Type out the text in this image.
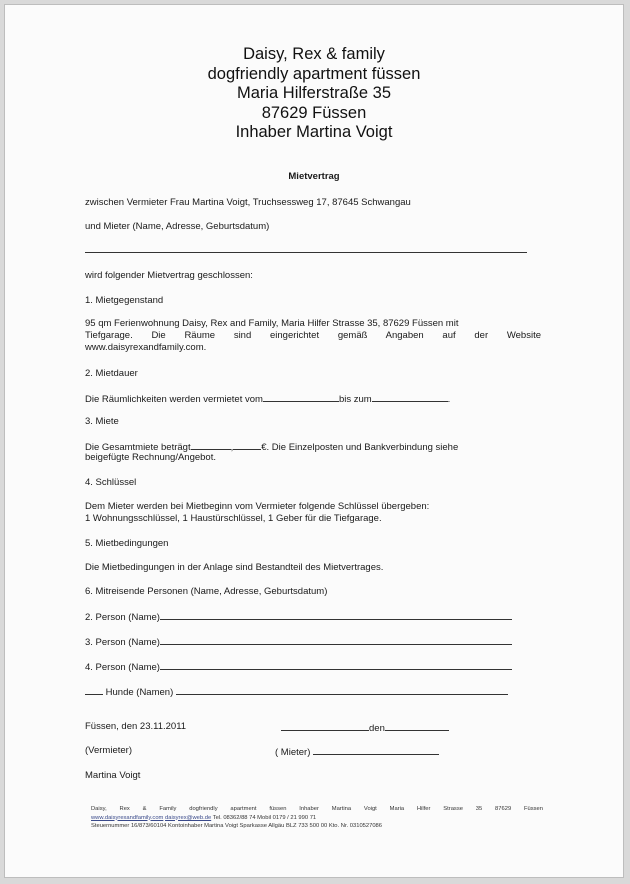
Daisy, Rex & family
dogfriendly apartment füssen
Maria Hilferstraße 35
87629 Füssen
Inhaber Martina Voigt
Mietvertrag
zwischen Vermieter Frau Martina Voigt, Truchsessweg 17, 87645 Schwangau
und Mieter (Name, Adresse, Geburtsdatum)
wird folgender Mietvertrag geschlossen:
1. Mietgegenstand
95 qm Ferienwohnung Daisy, Rex and Family, Maria Hilfer Strasse 35, 87629 Füssen mit
Tiefgarage. Die Räume sind eingerichtet gemäß Angaben auf der Website
www.daisyrexandfamily.com.
2. Mietdauer
Die Räumlichkeiten werden vermietet vom	bis zum	.
3. Miete
Die Gesamtmiete beträgt	,	€. Die Einzelposten und Bankverbindung siehe
beigefügte Rechnung/Angebot.
4. Schlüssel
Dem Mieter werden bei Mietbeginn vom Vermieter folgende Schlüssel übergeben:
1 Wohnungsschlüssel, 1 Haustürschlüssel, 1 Geber für die Tiefgarage.
5. Mietbedingungen
Die Mietbedingungen in der Anlage sind Bestandteil des Mietvertrages.
6. Mitreisende Personen (Name, Adresse, Geburtsdatum)
2. Person (Name)
3. Person (Name)
4. Person (Name)
Hunde (Namen)
Füssen, den 23.11.2011	den
(Vermieter)	( Mieter)
Martina Voigt
Daisy, Rex & Family dogfriendly apartment füssen Inhaber Martina Voigt Maria Hilfer Strasse 35 87629 Füssen
www.daisyrexandfamily.com daisyrex@web.de Tel. 08362/88 74 Mobil 0179 / 21 990 71
Steuernummer 16/873/60104 Kontoinhaber Martina Voigt Sparkasse Allgäu BLZ 733 500 00 Kto. Nr. 0310527086
